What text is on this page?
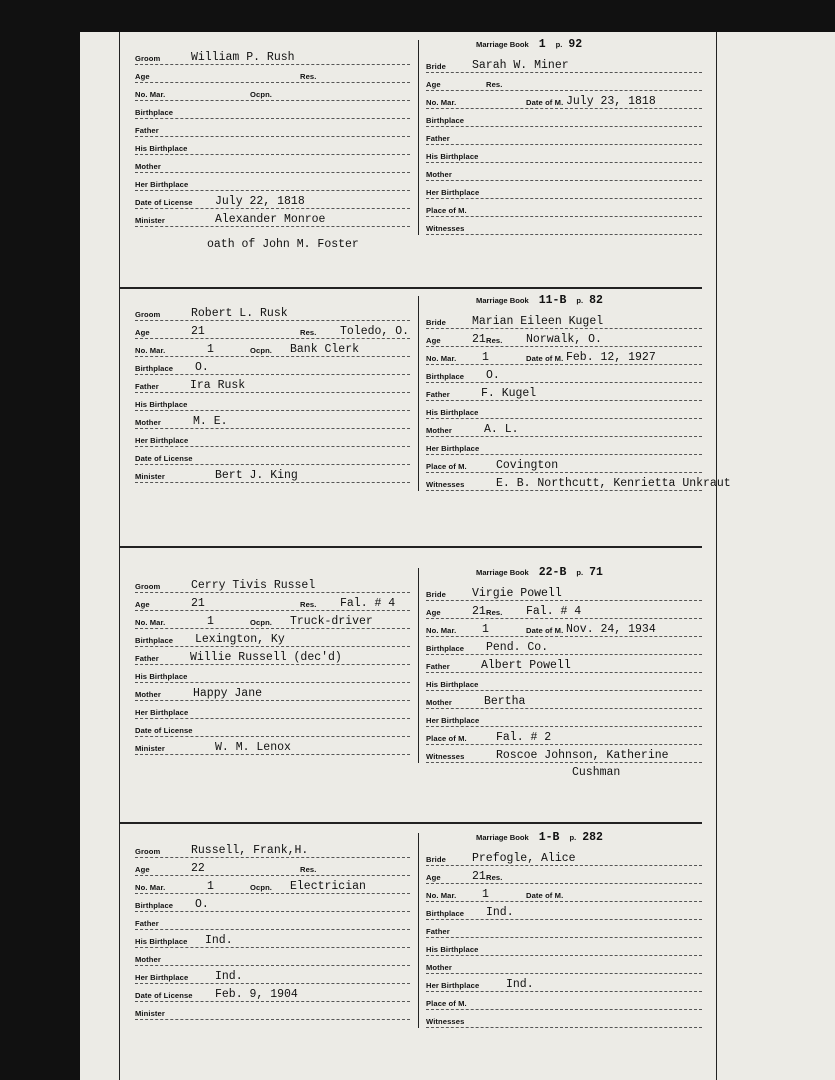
Marriage Book 1 p. 92
Groom	William P. Rush
Age	Res.
No. Mar.	Ocpn.
Birthplace
Father
His Birthplace
Mother
Her Birthplace
Date of License July 22, 1818
Minister	Alexander Monroe
Bride Sarah W. Miner
Age	Res.
No. Mar.	Date of M. July 23, 1818
Birthplace
Father
His Birthplace
Mother
Her Birthplace
Place of M.
Witnesses
oath of John M. Foster
Marriage Book 11-B p. 82
Groom	Robert L. Rusk
Age	21	Res. Toledo, O.
No. Mar.	1	Ocpn. Bank Clerk
Birthplace O.
Father	Ira Rusk
His Birthplace
Mother	M. E.
Her Birthplace
Date of License
Minister	Bert J. King
Bride Marian Eileen Kugel
Age	21 Res. Norwalk, O.
No. Mar. 1	Date of M. Feb. 12, 1927
Birthplace O.
Father	F. Kugel
His Birthplace
Mother	A. L.
Her Birthplace
Place of M.	Covington
Witnesses	E. B. Northcutt, Kenrietta Unkraut
Marriage Book 22-B p. 71
Groom	Cerry Tivis Russel
Age	21	Res. Fal. # 4
No. Mar.	1	Ocpn. Truck-driver
Birthplace Lexington, Ky
Father	Willie Russell (dec'd)
His Birthplace
Mother	Happy Jane
Her Birthplace
Date of License
Minister	W. M. Lenox
Bride Virgie Powell
Age	21 Res. Fal. # 4
No. Mar. 1	Date of M. Nov. 24, 1934
Birthplace Pend. Co.
Father	Albert Powell
His Birthplace
Mother	Bertha
Her Birthplace
Place of M.	Fal. # 2
Witnesses	Roscoe Johnson, Katherine
Cushman
Marriage Book 1-B p. 282
Groom	Russell, Frank,H.
Age	22	Res.
No. Mar.	1	Ocpn. Electrician
Birthplace O.
Father
His Birthplace Ind.
Mother
Her Birthplace Ind.
Date of License Feb. 9, 1904
Minister
Bride Prefogle, Alice
Age	21 Res.
No. Mar. 1	Date of M.
Birthplace Ind.
Father
His Birthplace
Mother
Her Birthplace Ind.
Place of M.
Witnesses
